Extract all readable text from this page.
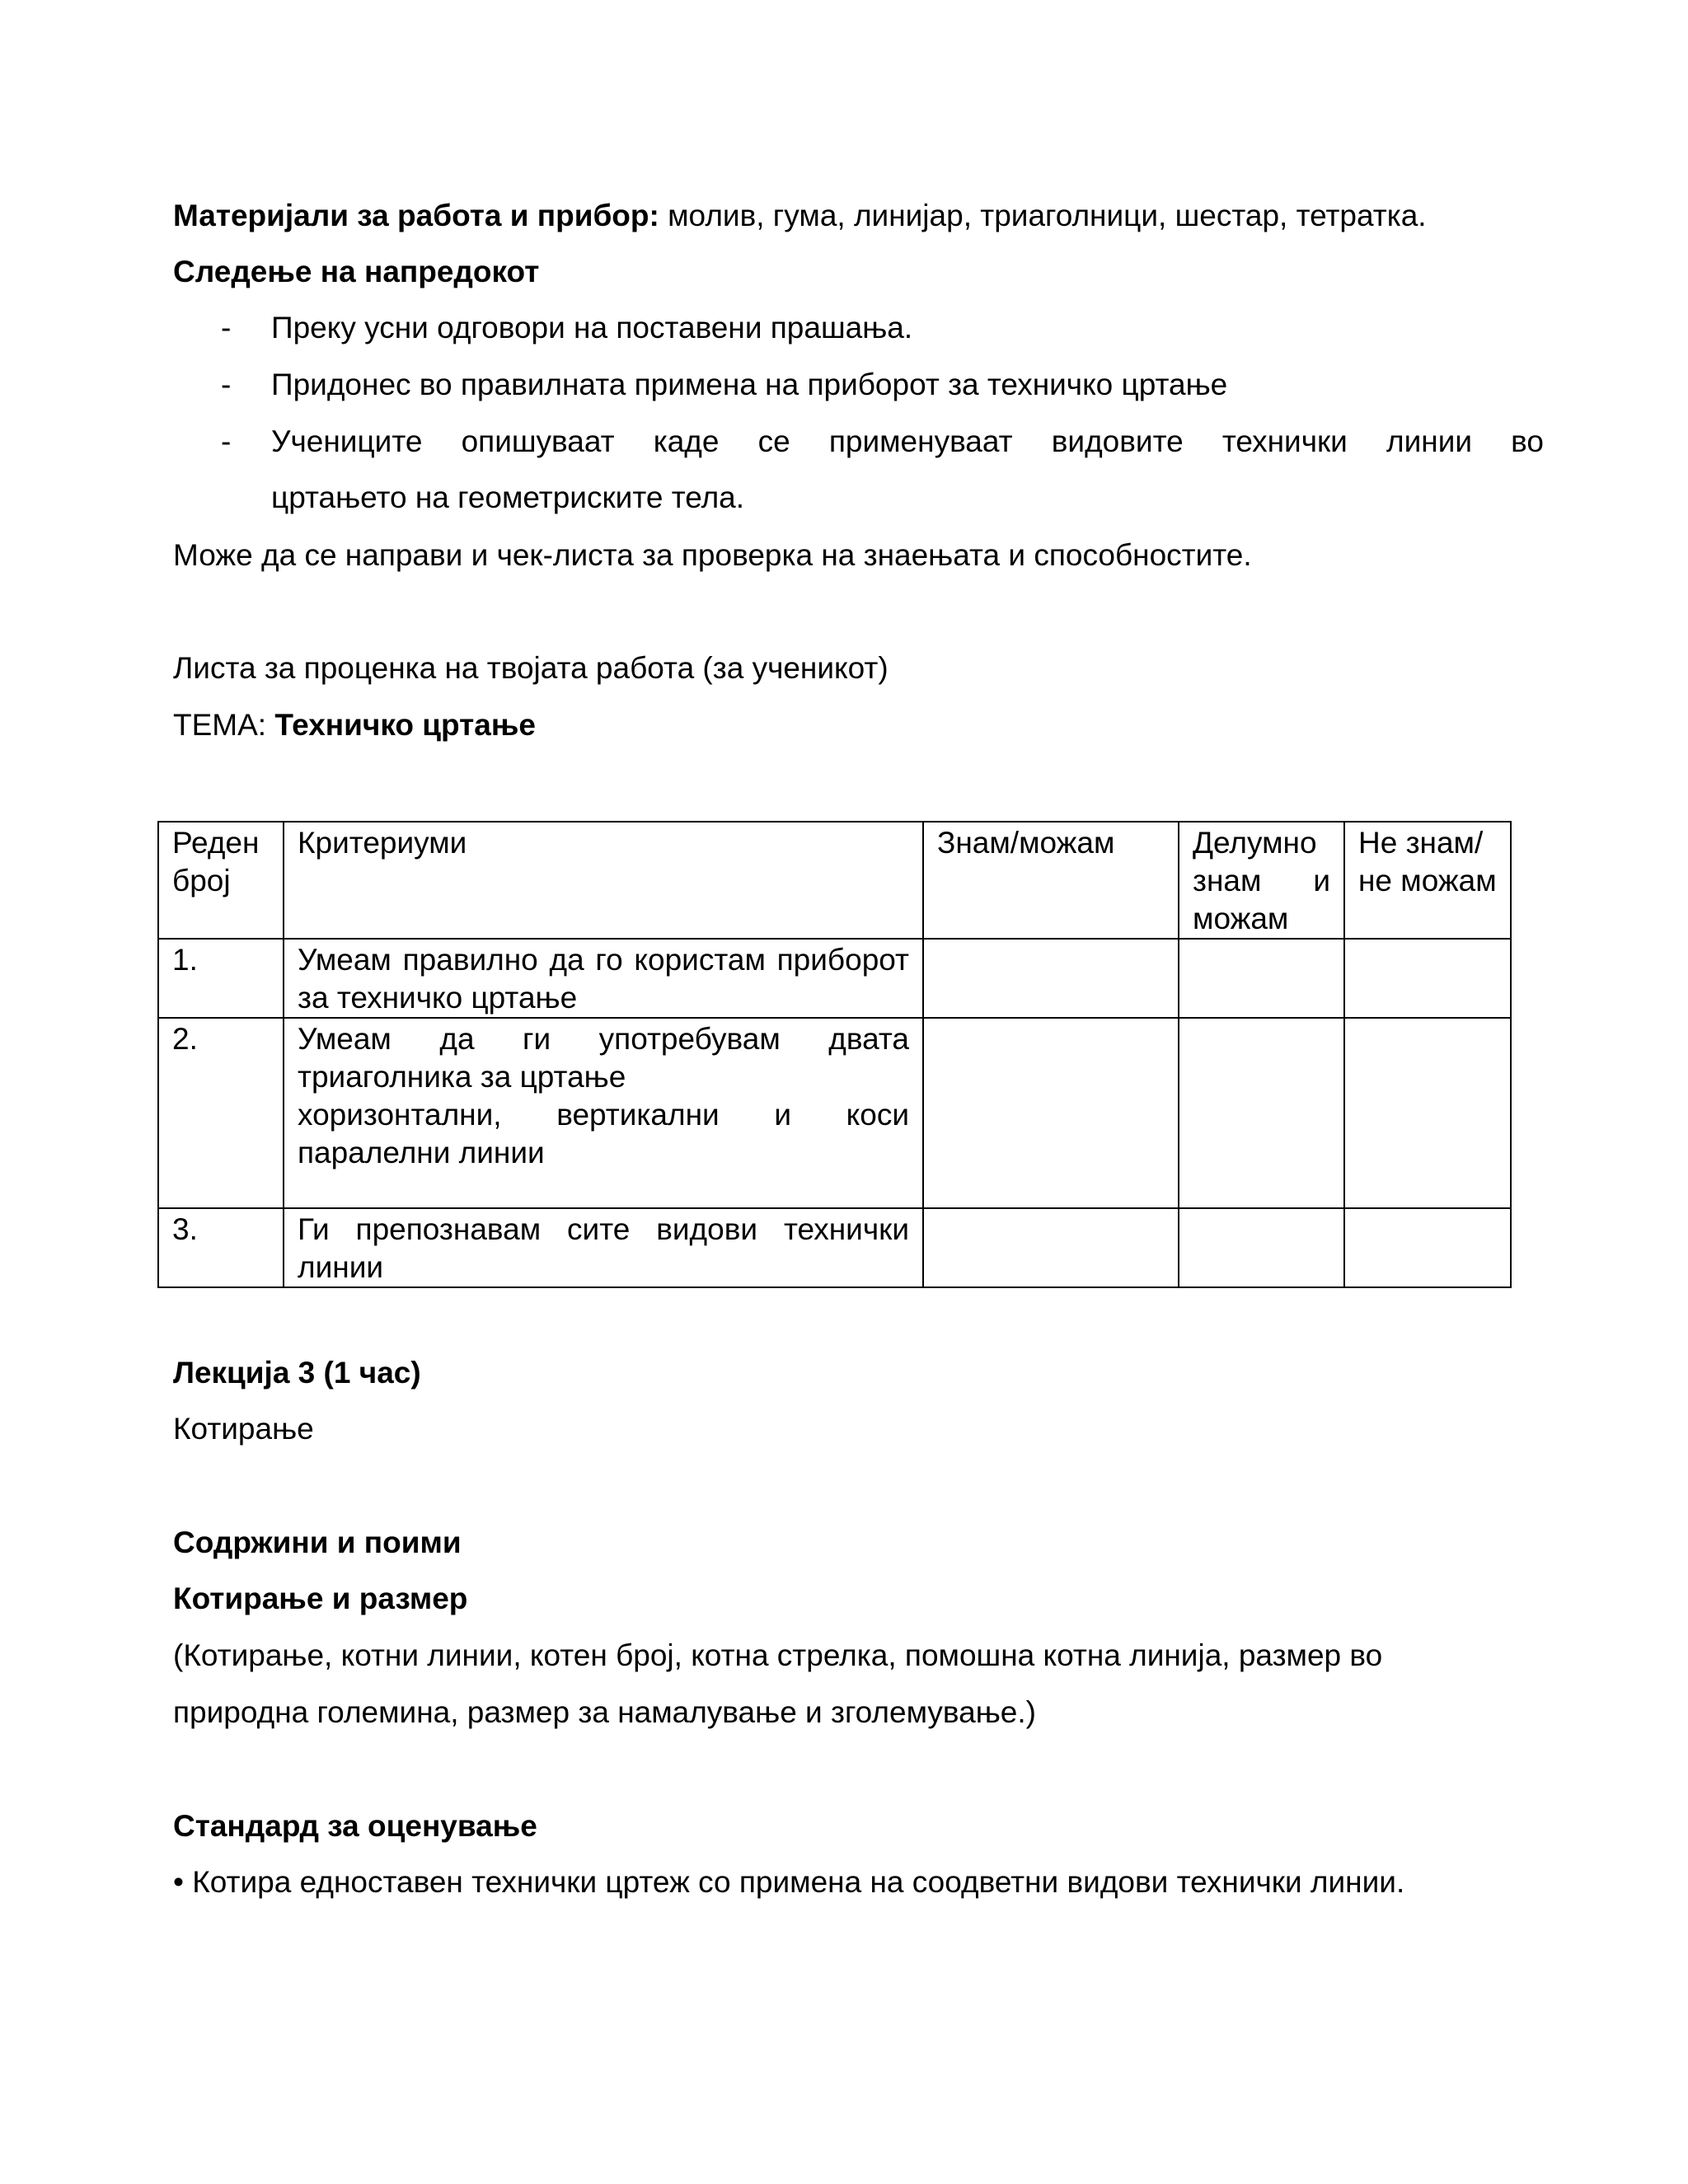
Материјали за работа и прибор: молив, гума, линијар, триаголници, шестар, тетратка.
Следење на напредокот
- Преку усни одговори на поставени прашања.
- Придонес во правилната примена на приборот за техничко цртање
- Учениците опишуваат каде се применуваат видовите технички линии во
цртањето на геометриските тела.
Може да се направи и чек-листа за проверка на знаењата и способностите.
Листа за проценка на твојата работа (за ученикот)
ТЕМА: Техничко цртање
Реден број	Критериуми	Знам/можам	Делумно знам и можам	Не знам/не можам
1.	Умеам правилно да го користам приборот за техничко цртање			
2.	Умеам да ги употребувам двата триаголника за цртање
хоризонтални, вертикални и коси паралелни линии			

3.	Ги препознавам сите видови технички линии			
Лекција 3 (1 час)
Котирање
Содржини и поими
Котирање и размер
(Котирање, котни линии, котен број, котна стрелка, помошна котна линија, размер во
природна големина, размер за намалување и зголемување.)
Стандард за оценување
• Котира едноставен технички цртеж со примена на соодветни видови технички линии.
